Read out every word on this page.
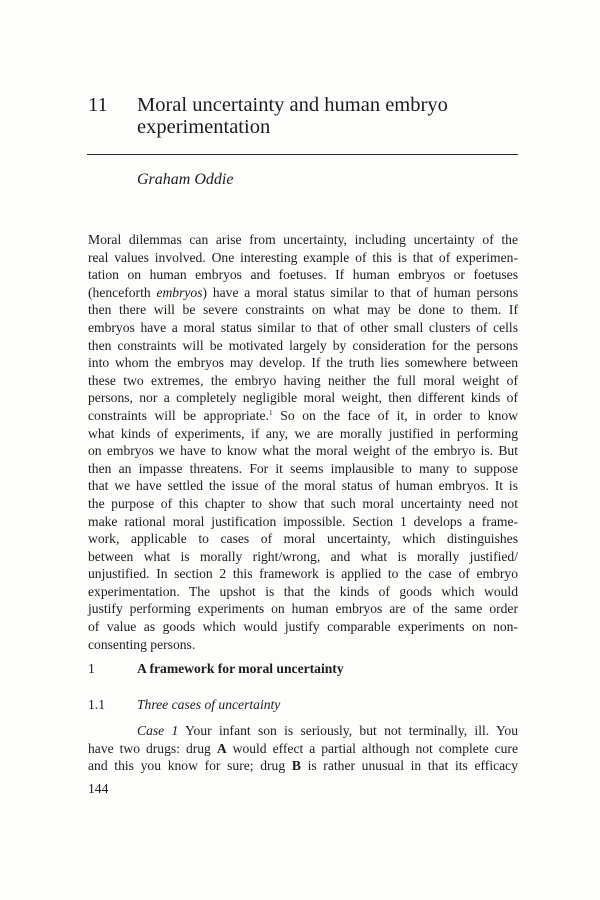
11 Moral uncertainty and human embryo
experimentation
Graham Oddie
Moral dilemmas can arise from uncertainty, including uncertainty of the
real values involved. One interesting example of this is that of experimen-
tation on human embryos and foetuses. If human embryos or foetuses
(henceforth embryos) have a moral status similar to that of human persons
then there will be severe constraints on what may be done to them. If
embryos have a moral status similar to that of other small clusters of cells
then constraints will be motivated largely by consideration for the persons
into whom the embryos may develop. If the truth lies somewhere between
these two extremes, the embryo having neither the full moral weight of
persons, nor a completely negligible moral weight, then different kinds of
constraints will be appropriate.$^1$ So on the face of it, in order to know
what kinds of experiments, if any, we are morally justified in performing
on embryos we have to know what the moral weight of the embryo is. But
then an impasse threatens. For it seems implausible to many to suppose
that we have settled the issue of the moral status of human embryos. It is
the purpose of this chapter to show that such moral uncertainty need not
make rational moral justification impossible. Section 1 develops a frame-
work, applicable to cases of moral uncertainty, which distinguishes
between what is morally right/wrong, and what is morally justified/
unjustified. In section 2 this framework is applied to the case of embryo
experimentation. The upshot is that the kinds of goods which would
justify performing experiments on human embryos are of the same order
of value as goods which would justify comparable experiments on non-
consenting persons.
1	A framework for moral uncertainty
1.1 Three cases of uncertainty
Case 1 Your infant son is seriously, but not terminally, ill. You
have two drugs: drug A would effect a partial although not complete cure
and this you know for sure; drug B is rather unusual in that its efficacy
144
